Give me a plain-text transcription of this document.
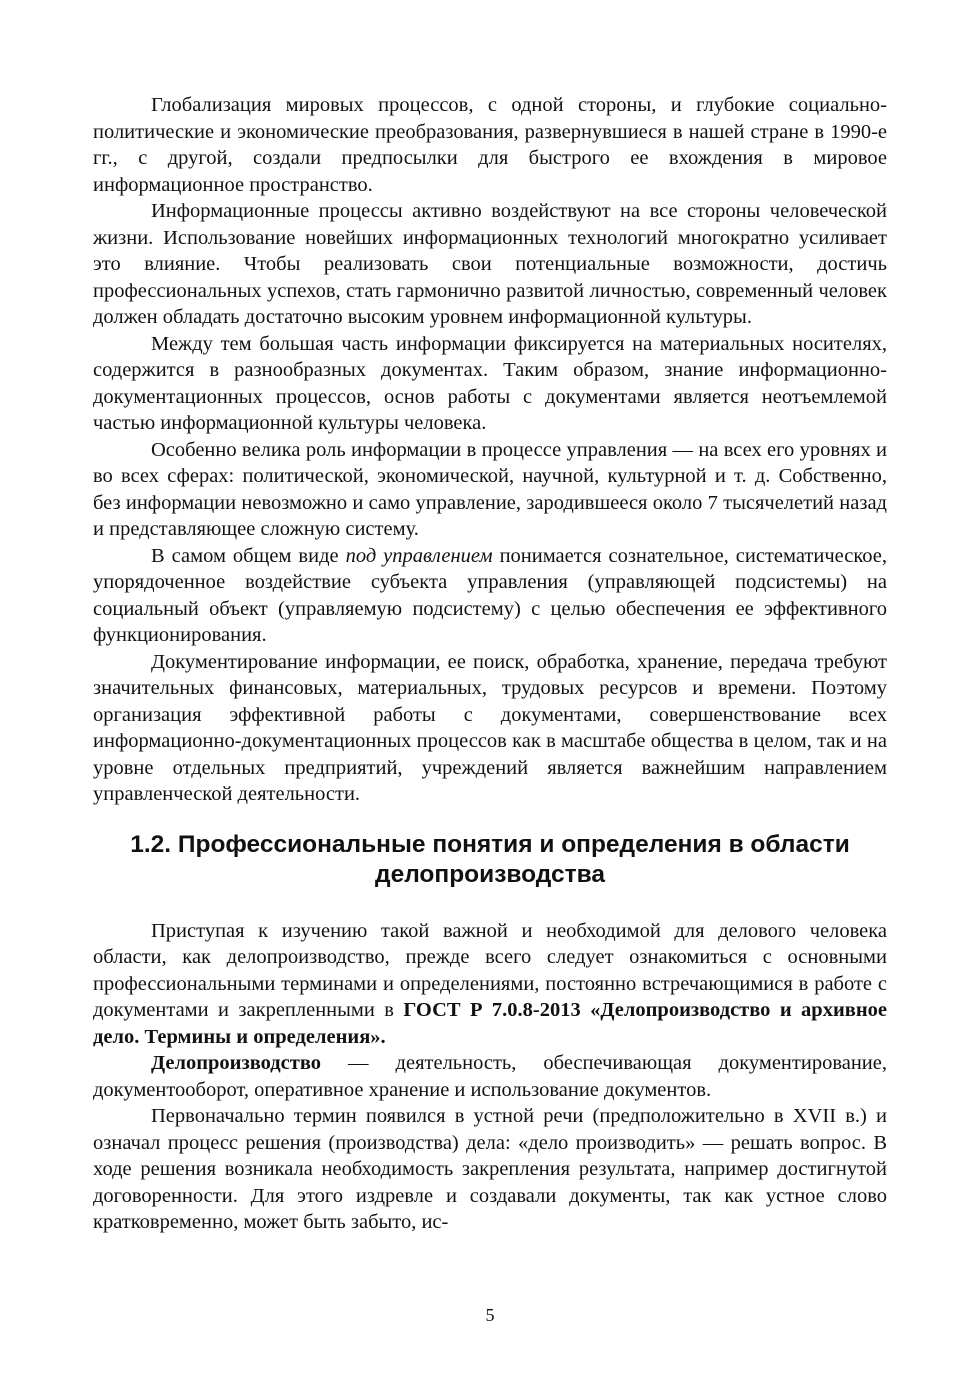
Глобализация мировых процессов, с одной стороны, и глубокие социально-политические и экономические преобразования, развернувшиеся в нашей стране в 1990-е гг., с другой, создали предпосылки для быстрого ее вхождения в мировое информационное пространство.

Информационные процессы активно воздействуют на все стороны человеческой жизни. Использование новейших информационных технологий многократно усиливает это влияние. Чтобы реализовать свои потенциальные возможности, достичь профессиональных успехов, стать гармонично развитой личностью, современный человек должен обладать достаточно высоким уровнем информационной культуры.

Между тем большая часть информации фиксируется на материальных носителях, содержится в разнообразных документах. Таким образом, знание информационно-документационных процессов, основ работы с документами является неотъемлемой частью информационной культуры человека.

Особенно велика роль информации в процессе управления — на всех его уровнях и во всех сферах: политической, экономической, научной, культурной и т. д. Собственно, без информации невозможно и само управление, зародившееся около 7 тысячелетий назад и представляющее сложную систему.

В самом общем виде под управлением понимается сознательное, систематическое, упорядоченное воздействие субъекта управления (управляющей подсистемы) на социальный объект (управляемую подсистему) с целью обеспечения ее эффективного функционирования.

Документирование информации, ее поиск, обработка, хранение, передача требуют значительных финансовых, материальных, трудовых ресурсов и времени. Поэтому организация эффективной работы с документами, совершенствование всех информационно-документационных процессов как в масштабе общества в целом, так и на уровне отдельных предприятий, учреждений является важнейшим направлением управленческой деятельности.

1.2. Профессиональные понятия и определения в области
делопроизводства

Приступая к изучению такой важной и необходимой для делового человека области, как делопроизводство, прежде всего следует ознакомиться с основными профессиональными терминами и определениями, постоянно встречающимися в работе с документами и закрепленными в ГОСТ Р 7.0.8-2013 «Делопроизводство и архивное дело. Термины и определения».

Делопроизводство — деятельность, обеспечивающая документирование, документооборот, оперативное хранение и использование документов.

Первоначально термин появился в устной речи (предположительно в XVII в.) и означал процесс решения (производства) дела: «дело производить» — решать вопрос. В ходе решения возникала необходимость закрепления результата, например достигнутой договоренности. Для этого издревле и создавали документы, так как устное слово кратковременно, может быть забыто, ис-

5
